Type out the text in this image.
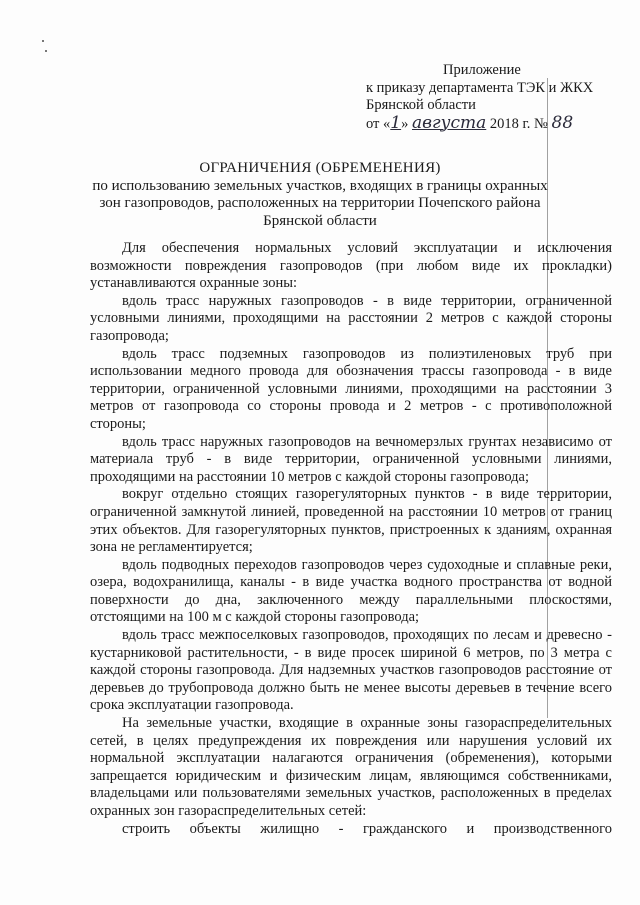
Приложение
к приказу департамента ТЭК и ЖКХ
Брянской области
от «1» августа 2018 г. № 88
ОГРАНИЧЕНИЯ (ОБРЕМЕНЕНИЯ)
по использованию земельных участков, входящих в границы охранных зон газопроводов, расположенных на территории Почепского района Брянской области

Для обеспечения нормальных условий эксплуатации и исключения возможности повреждения газопроводов (при любом виде их прокладки) устанавливаются охранные зоны:

вдоль трасс наружных газопроводов - в виде территории, ограниченной условными линиями, проходящими на расстоянии 2 метров с каждой стороны газопровода;

вдоль трасс подземных газопроводов из полиэтиленовых труб при использовании медного провода для обозначения трассы газопровода - в виде территории, ограниченной условными линиями, проходящими на расстоянии 3 метров от газопровода со стороны провода и 2 метров - с противоположной стороны;

вдоль трасс наружных газопроводов на вечномерзлых грунтах независимо от материала труб - в виде территории, ограниченной условными линиями, проходящими на расстоянии 10 метров с каждой стороны газопровода;

вокруг отдельно стоящих газорегуляторных пунктов - в виде территории, ограниченной замкнутой линией, проведенной на расстоянии 10 метров от границ этих объектов. Для газорегуляторных пунктов, пристроенных к зданиям, охранная зона не регламентируется;

вдоль подводных переходов газопроводов через судоходные и сплавные реки, озера, водохранилища, каналы - в виде участка водного пространства от водной поверхности до дна, заключенного между параллельными плоскостями, отстоящими на 100 м с каждой стороны газопровода;

вдоль трасс межпоселковых газопроводов, проходящих по лесам и древесно - кустарниковой растительности, - в виде просек шириной 6 метров, по 3 метра с каждой стороны газопровода. Для надземных участков газопроводов расстояние от деревьев до трубопровода должно быть не менее высоты деревьев в течение всего срока эксплуатации газопровода.

На земельные участки, входящие в охранные зоны газораспределительных сетей, в целях предупреждения их повреждения или нарушения условий их нормальной эксплуатации налагаются ограничения (обременения), которыми запрещается юридическим и физическим лицам, являющимся собственниками, владельцами или пользователями земельных участков, расположенных в пределах охранных зон газораспределительных сетей:

строить объекты жилищно - гражданского и производственного
